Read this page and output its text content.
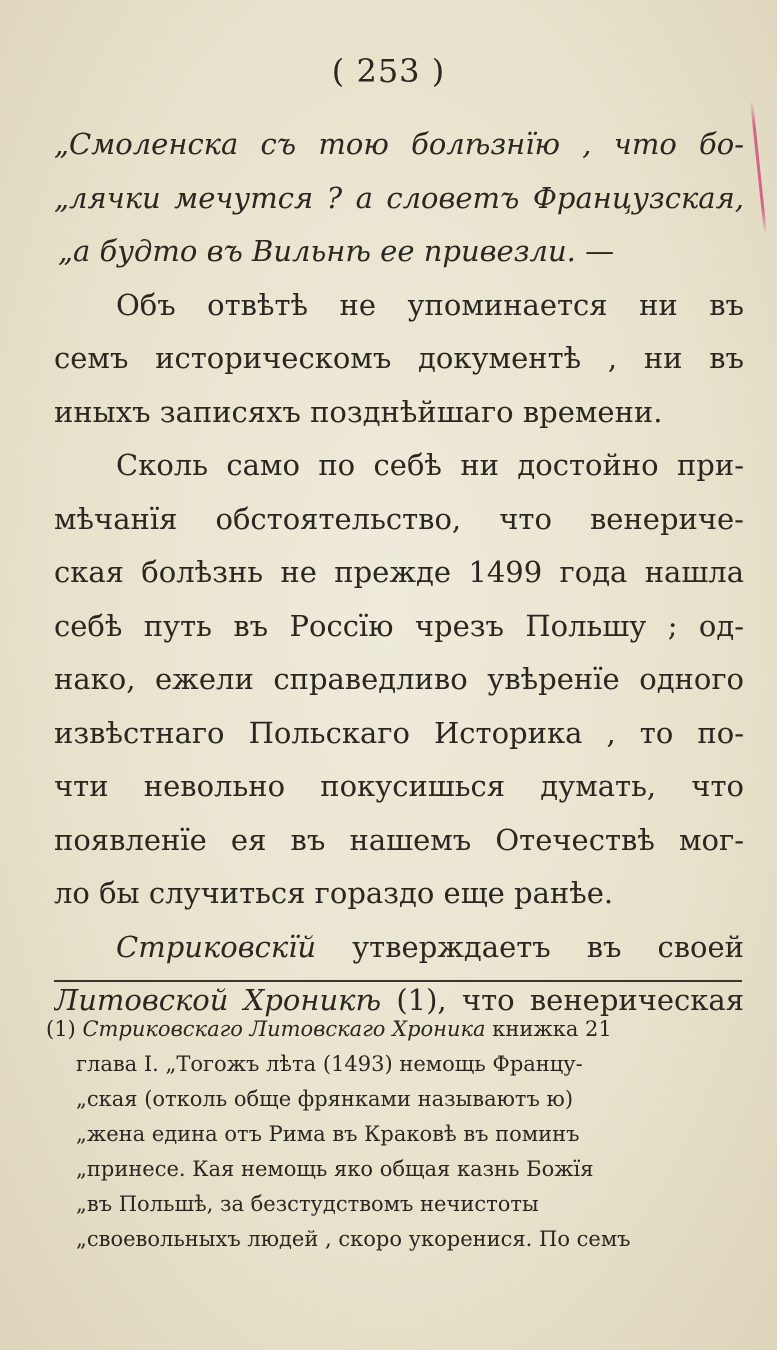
( 253 )
„Смоленска съ тою болѣзнїю , что бо-
„лячки мечутся ? а словетъ Французская,
„а будто въ Вильнѣ ее привезли. —
Объ отвѣтѣ не упоминается ни въ
семъ историческомъ документѣ , ни въ
иныхъ записяхъ позднѣйшаго времени.
Сколь само по себѣ ни достойно при-
мѣчанїя обстоятельство, что венериче-
ская болѣзнь не прежде 1499 года нашла
себѣ путь въ Россїю чрезъ Польшу ; од-
нако, ежели справедливо увѣренїе одного
извѣстнаго Польскаго Историка , то по-
чти невольно покусишься думать, что
появленїе ея въ нашемъ Отечествѣ мог-
ло бы случиться гораздо еще ранѣе.
Стриковскїй утверждаетъ въ своей
Литовской Хроникѣ (1), что венерическая
(1) Стриковскаго Литовскаго Хроника книжка 21
глава I. „Тогожъ лѣта (1493) немощь Францу-
„ская (отколь обще фрянками называютъ ю)
„жена едина отъ Рима въ Краковѣ въ поминъ
„принесе. Кая немощь яко общая казнь Божїя
„въ Польшѣ, за безстудствомъ нечистоты
„своевольныхъ людей , скоро укоренися. По семъ
